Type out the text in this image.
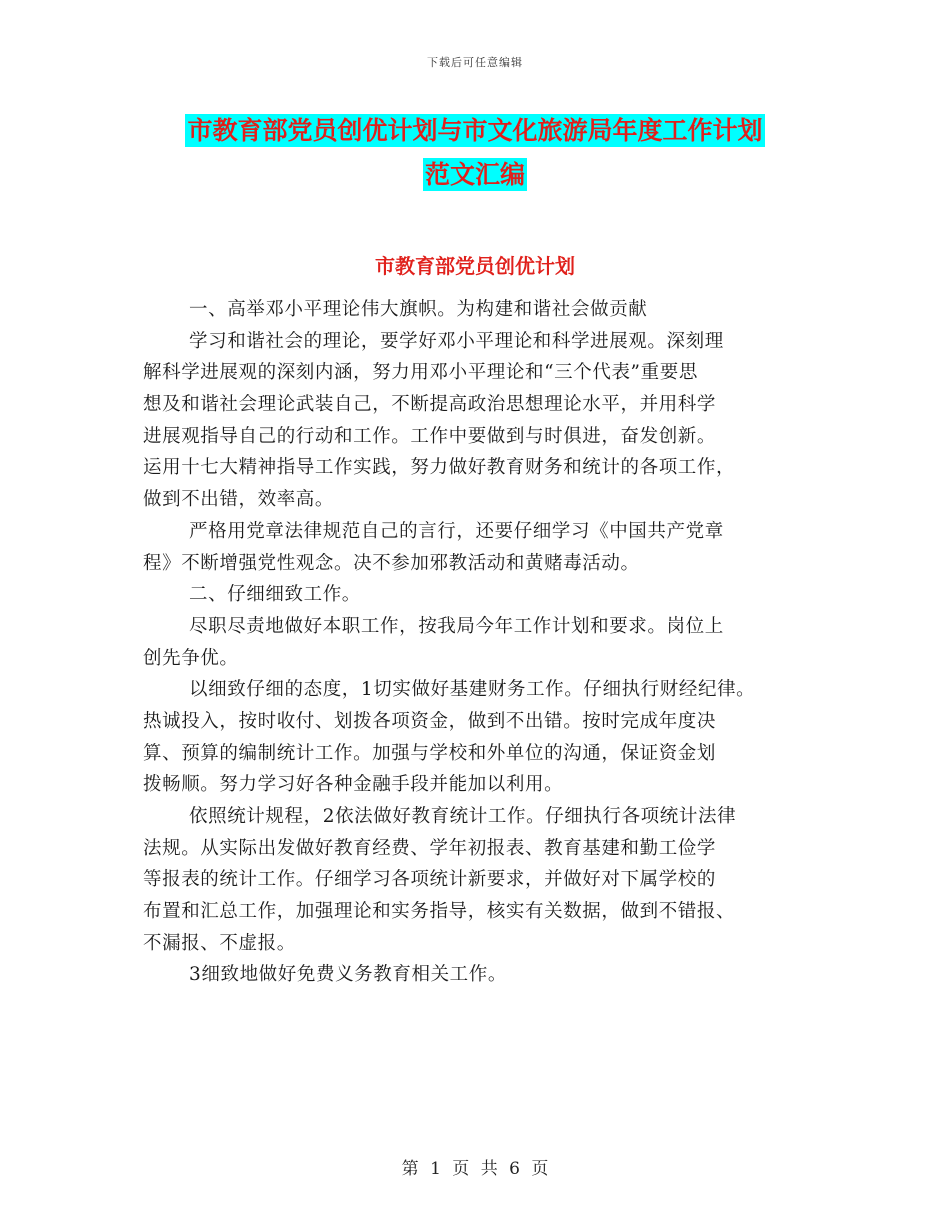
下载后可任意编辑
市教育部党员创优计划与市文化旅游局年度工作计划
范文汇编
市教育部党员创优计划
一、高举邓小平理论伟大旗帜。为构建和谐社会做贡献
学习和谐社会的理论，要学好邓小平理论和科学进展观。深刻理
解科学进展观的深刻内涵，努力用邓小平理论和“三个代表”重要思
想及和谐社会理论武装自己，不断提高政治思想理论水平，并用科学
进展观指导自己的行动和工作。工作中要做到与时俱进，奋发创新。
运用十七大精神指导工作实践，努力做好教育财务和统计的各项工作，
做到不出错，效率高。
严格用党章法律规范自己的言行，还要仔细学习《中国共产党章
程》不断增强党性观念。决不参加邪教活动和黄赌毒活动。
二、仔细细致工作。
尽职尽责地做好本职工作，按我局今年工作计划和要求。岗位上
创先争优。
以细致仔细的态度，1切实做好基建财务工作。仔细执行财经纪律。
热诚投入，按时收付、划拨各项资金，做到不出错。按时完成年度决
算、预算的编制统计工作。加强与学校和外单位的沟通，保证资金划
拨畅顺。努力学习好各种金融手段并能加以利用。
依照统计规程，2依法做好教育统计工作。仔细执行各项统计法律
法规。从实际出发做好教育经费、学年初报表、教育基建和勤工俭学
等报表的统计工作。仔细学习各项统计新要求，并做好对下属学校的
布置和汇总工作，加强理论和实务指导，核实有关数据，做到不错报、
不漏报、不虚报。
3细致地做好免费义务教育相关工作。
第 1 页 共 6 页
